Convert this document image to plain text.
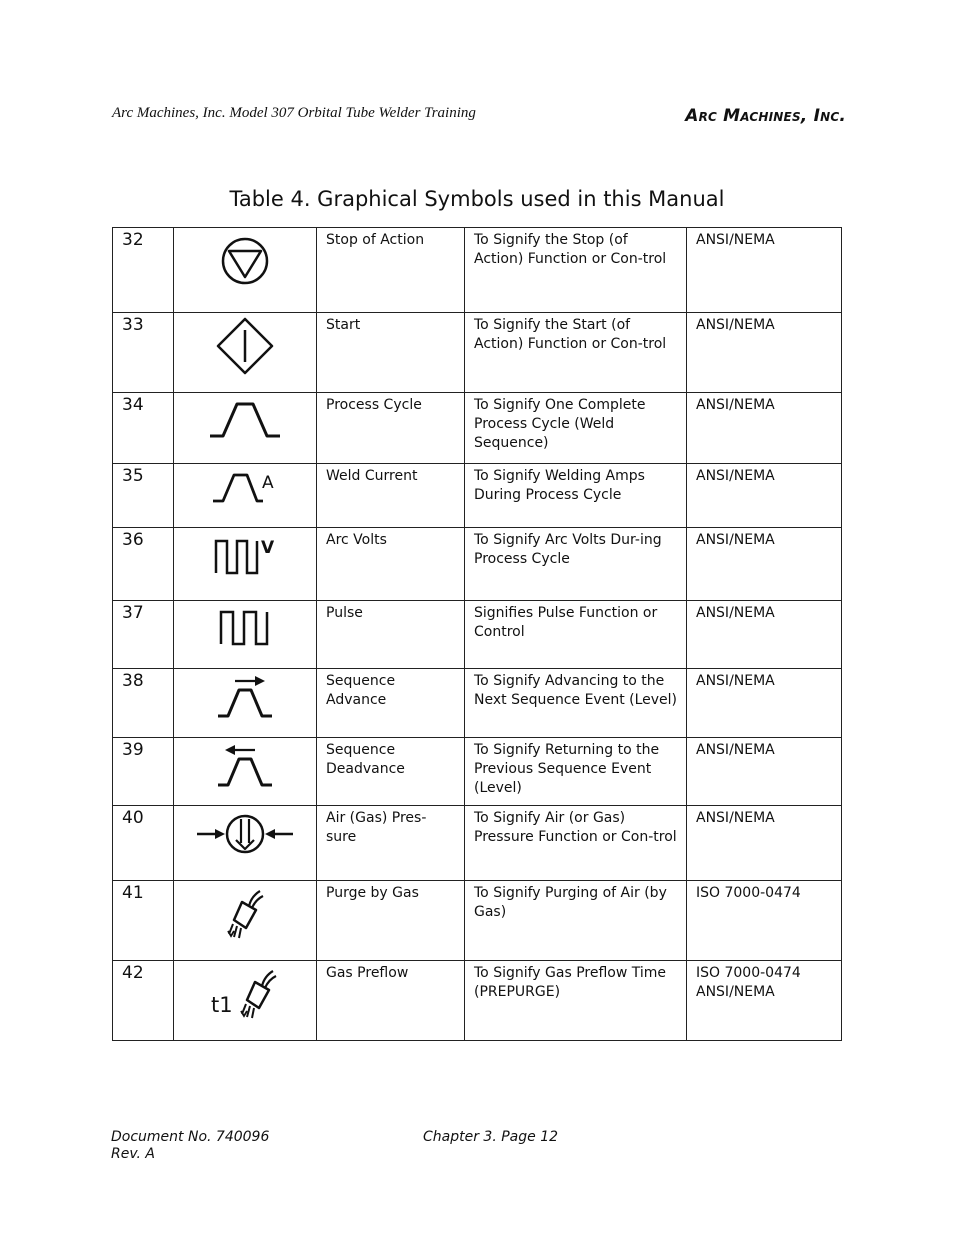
Arc Machines, Inc. Model 307 Orbital Tube Welder Training	Arc Machines, Inc.
Table 4. Graphical Symbols used in this Manual
32		Stop of Action	To Signify the Stop (of Action) Function or Con-trol	ANSI/NEMA
33		Start	To Signify the Start (of Action) Function or Con-trol	ANSI/NEMA
34		Process Cycle	To Signify One Complete Process Cycle (Weld Sequence)	ANSI/NEMA
35	A	Weld Current	To Signify Welding Amps During Process Cycle	ANSI/NEMA
36	V	Arc Volts	To Signify Arc Volts Dur-ing Process Cycle	ANSI/NEMA
37		Pulse	Signifies Pulse Function or Control	ANSI/NEMA
38		Sequence Advance	To Signify Advancing to the Next Sequence Event (Level)	ANSI/NEMA
39		Sequence Deadvance	To Signify Returning to the Previous Sequence Event (Level)	ANSI/NEMA
40		Air (Gas) Pres-sure	To Signify Air (or Gas) Pressure Function or Con-trol	ANSI/NEMA
41		Purge by Gas	To Signify Purging of Air (by Gas)	ISO 7000-0474
42	t1	Gas Preflow	To Signify Gas Preflow Time (PREPURGE)	ISO 7000-0474 ANSI/NEMA
Document No. 740096
Rev. A
Chapter 3. Page 12
